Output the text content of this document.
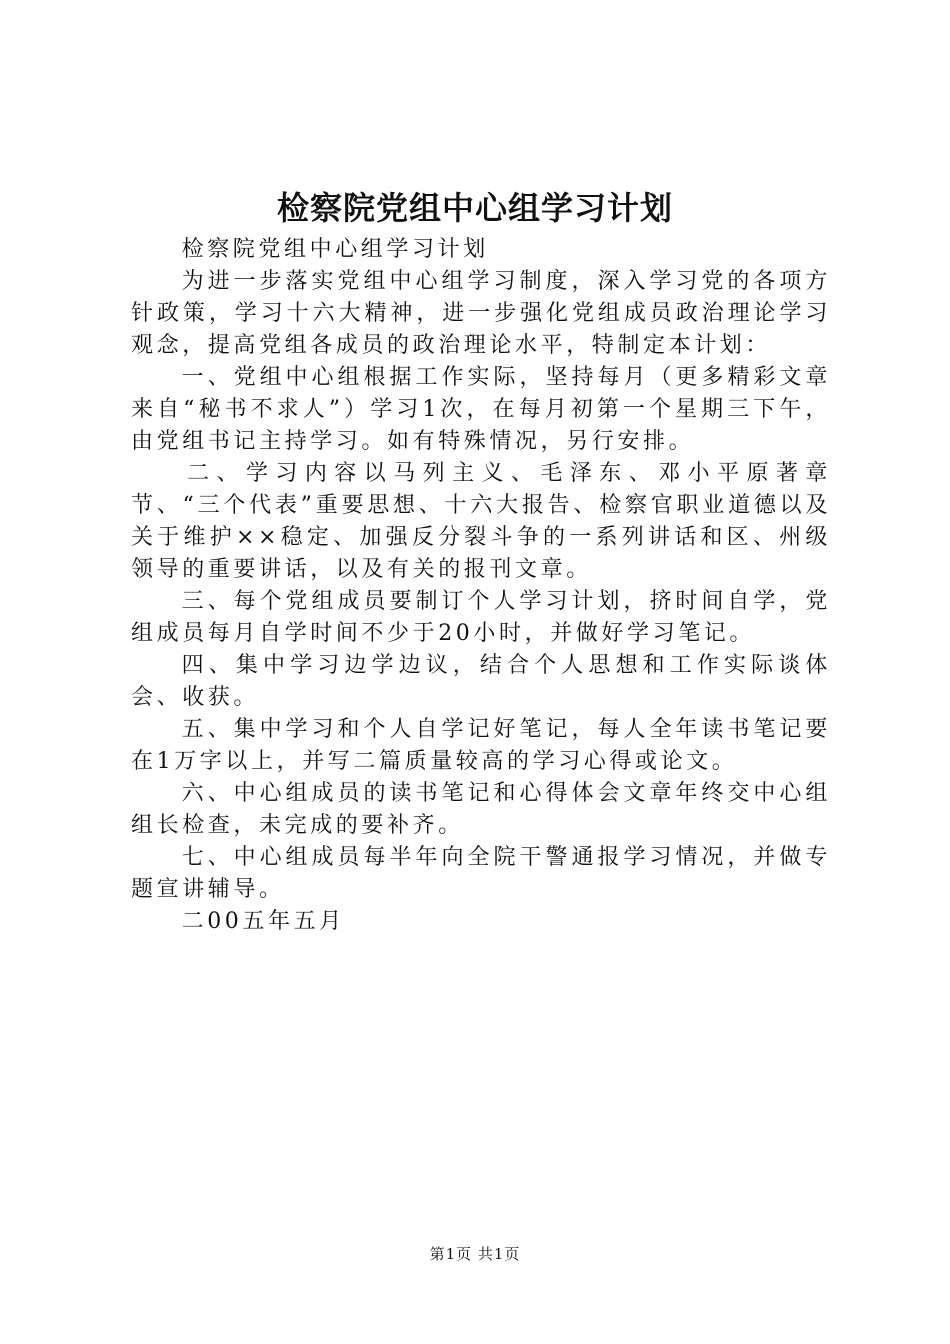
检察院党组中心组学习计划

检察院党组中心组学习计划

为进一步落实党组中心组学习制度，深入学习党的各项方针政策，学习十六大精神，进一步强化党组成员政治理论学习观念，提高党组各成员的政治理论水平，特制定本计划：

一、党组中心组根据工作实际，坚持每月（更多精彩文章来自“秘书不求人”）学习1次，在每月初第一个星期三下午，由党组书记主持学习。如有特殊情况，另行安排。

二、学习内容以马列主义、毛泽东、邓小平原著章节、“三个代表”重要思想、十六大报告、检察官职业道德以及关于维护××稳定、加强反分裂斗争的一系列讲话和区、州级领导的重要讲话，以及有关的报刊文章。

三、每个党组成员要制订个人学习计划，挤时间自学，党组成员每月自学时间不少于20小时，并做好学习笔记。

四、集中学习边学边议，结合个人思想和工作实际谈体会、收获。

五、集中学习和个人自学记好笔记，每人全年读书笔记要在1万字以上，并写二篇质量较高的学习心得或论文。

六、中心组成员的读书笔记和心得体会文章年终交中心组组长检查，未完成的要补齐。

七、中心组成员每半年向全院干警通报学习情况，并做专题宣讲辅导。

二00五年五月

第1页 共1页
